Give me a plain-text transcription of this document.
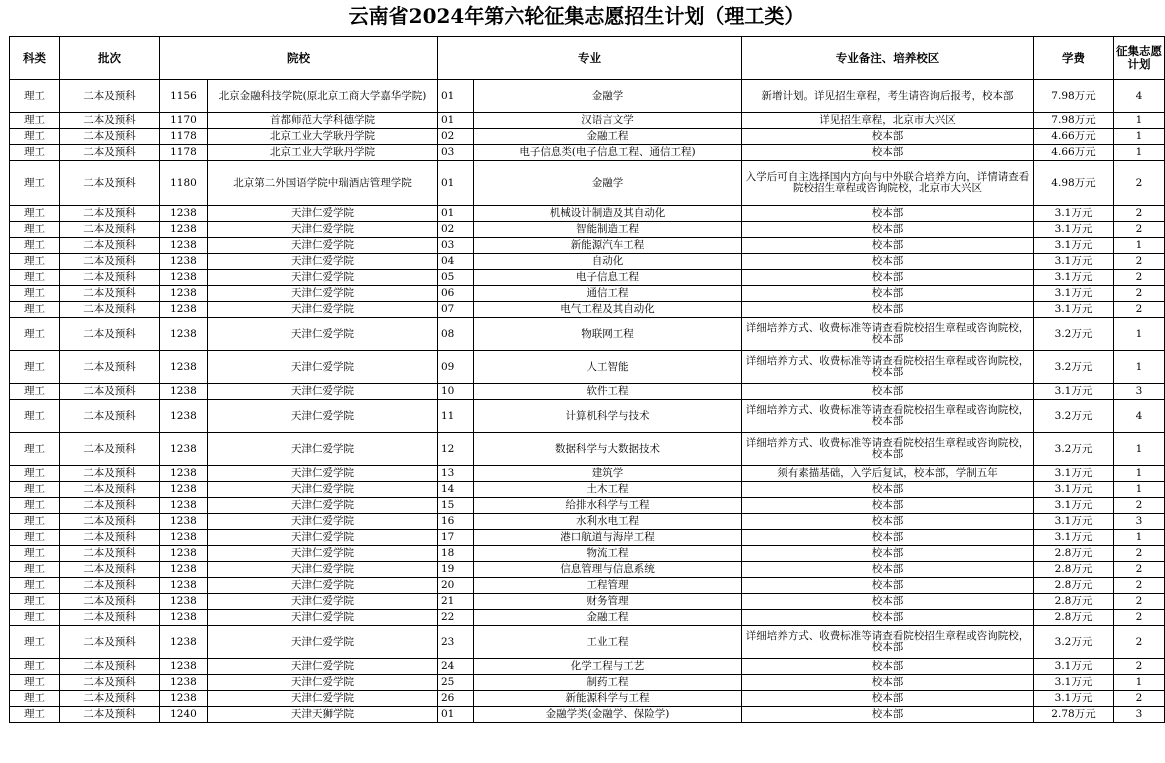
云南省2024年第六轮征集志愿招生计划（理工类）
科类	批次	院校		专业		专业备注、培养校区	学费	征集志愿计划
理工	二本及预科	1156	北京金融科技学院(原北京工商大学嘉华学院)	01	金融学	新增计划。详见招生章程，考生请咨询后报考，校本部	7.98万元	4
理工	二本及预科	1170	首都师范大学科德学院	01	汉语言文学	详见招生章程，北京市大兴区	7.98万元	1
理工	二本及预科	1178	北京工业大学耿丹学院	02	金融工程	校本部	4.66万元	1
理工	二本及预科	1178	北京工业大学耿丹学院	03	电子信息类(电子信息工程、通信工程)	校本部	4.66万元	1
理工	二本及预科	1180	北京第二外国语学院中瑞酒店管理学院	01	金融学	入学后可自主选择国内方向与中外联合培养方向，详情请查看院校招生章程或咨询院校，北京市大兴区	4.98万元	2
理工	二本及预科	1238	天津仁爱学院	01	机械设计制造及其自动化	校本部	3.1万元	2
理工	二本及预科	1238	天津仁爱学院	02	智能制造工程	校本部	3.1万元	2
理工	二本及预科	1238	天津仁爱学院	03	新能源汽车工程	校本部	3.1万元	1
理工	二本及预科	1238	天津仁爱学院	04	自动化	校本部	3.1万元	2
理工	二本及预科	1238	天津仁爱学院	05	电子信息工程	校本部	3.1万元	2
理工	二本及预科	1238	天津仁爱学院	06	通信工程	校本部	3.1万元	2
理工	二本及预科	1238	天津仁爱学院	07	电气工程及其自动化	校本部	3.1万元	2
理工	二本及预科	1238	天津仁爱学院	08	物联网工程	详细培养方式、收费标准等请查看院校招生章程或咨询院校，校本部	3.2万元	1
理工	二本及预科	1238	天津仁爱学院	09	人工智能	详细培养方式、收费标准等请查看院校招生章程或咨询院校，校本部	3.2万元	1
理工	二本及预科	1238	天津仁爱学院	10	软件工程	校本部	3.1万元	3
理工	二本及预科	1238	天津仁爱学院	11	计算机科学与技术	详细培养方式、收费标准等请查看院校招生章程或咨询院校，校本部	3.2万元	4
理工	二本及预科	1238	天津仁爱学院	12	数据科学与大数据技术	详细培养方式、收费标准等请查看院校招生章程或咨询院校，校本部	3.2万元	1
理工	二本及预科	1238	天津仁爱学院	13	建筑学	须有素描基础，入学后复试，校本部，学制五年	3.1万元	1
理工	二本及预科	1238	天津仁爱学院	14	土木工程	校本部	3.1万元	1
理工	二本及预科	1238	天津仁爱学院	15	给排水科学与工程	校本部	3.1万元	2
理工	二本及预科	1238	天津仁爱学院	16	水利水电工程	校本部	3.1万元	3
理工	二本及预科	1238	天津仁爱学院	17	港口航道与海岸工程	校本部	3.1万元	1
理工	二本及预科	1238	天津仁爱学院	18	物流工程	校本部	2.8万元	2
理工	二本及预科	1238	天津仁爱学院	19	信息管理与信息系统	校本部	2.8万元	2
理工	二本及预科	1238	天津仁爱学院	20	工程管理	校本部	2.8万元	2
理工	二本及预科	1238	天津仁爱学院	21	财务管理	校本部	2.8万元	2
理工	二本及预科	1238	天津仁爱学院	22	金融工程	校本部	2.8万元	2
理工	二本及预科	1238	天津仁爱学院	23	工业工程	详细培养方式、收费标准等请查看院校招生章程或咨询院校，校本部	3.2万元	2
理工	二本及预科	1238	天津仁爱学院	24	化学工程与工艺	校本部	3.1万元	2
理工	二本及预科	1238	天津仁爱学院	25	制药工程	校本部	3.1万元	1
理工	二本及预科	1238	天津仁爱学院	26	新能源科学与工程	校本部	3.1万元	2
理工	二本及预科	1240	天津天狮学院	01	金融学类(金融学、保险学)	校本部	2.78万元	3
